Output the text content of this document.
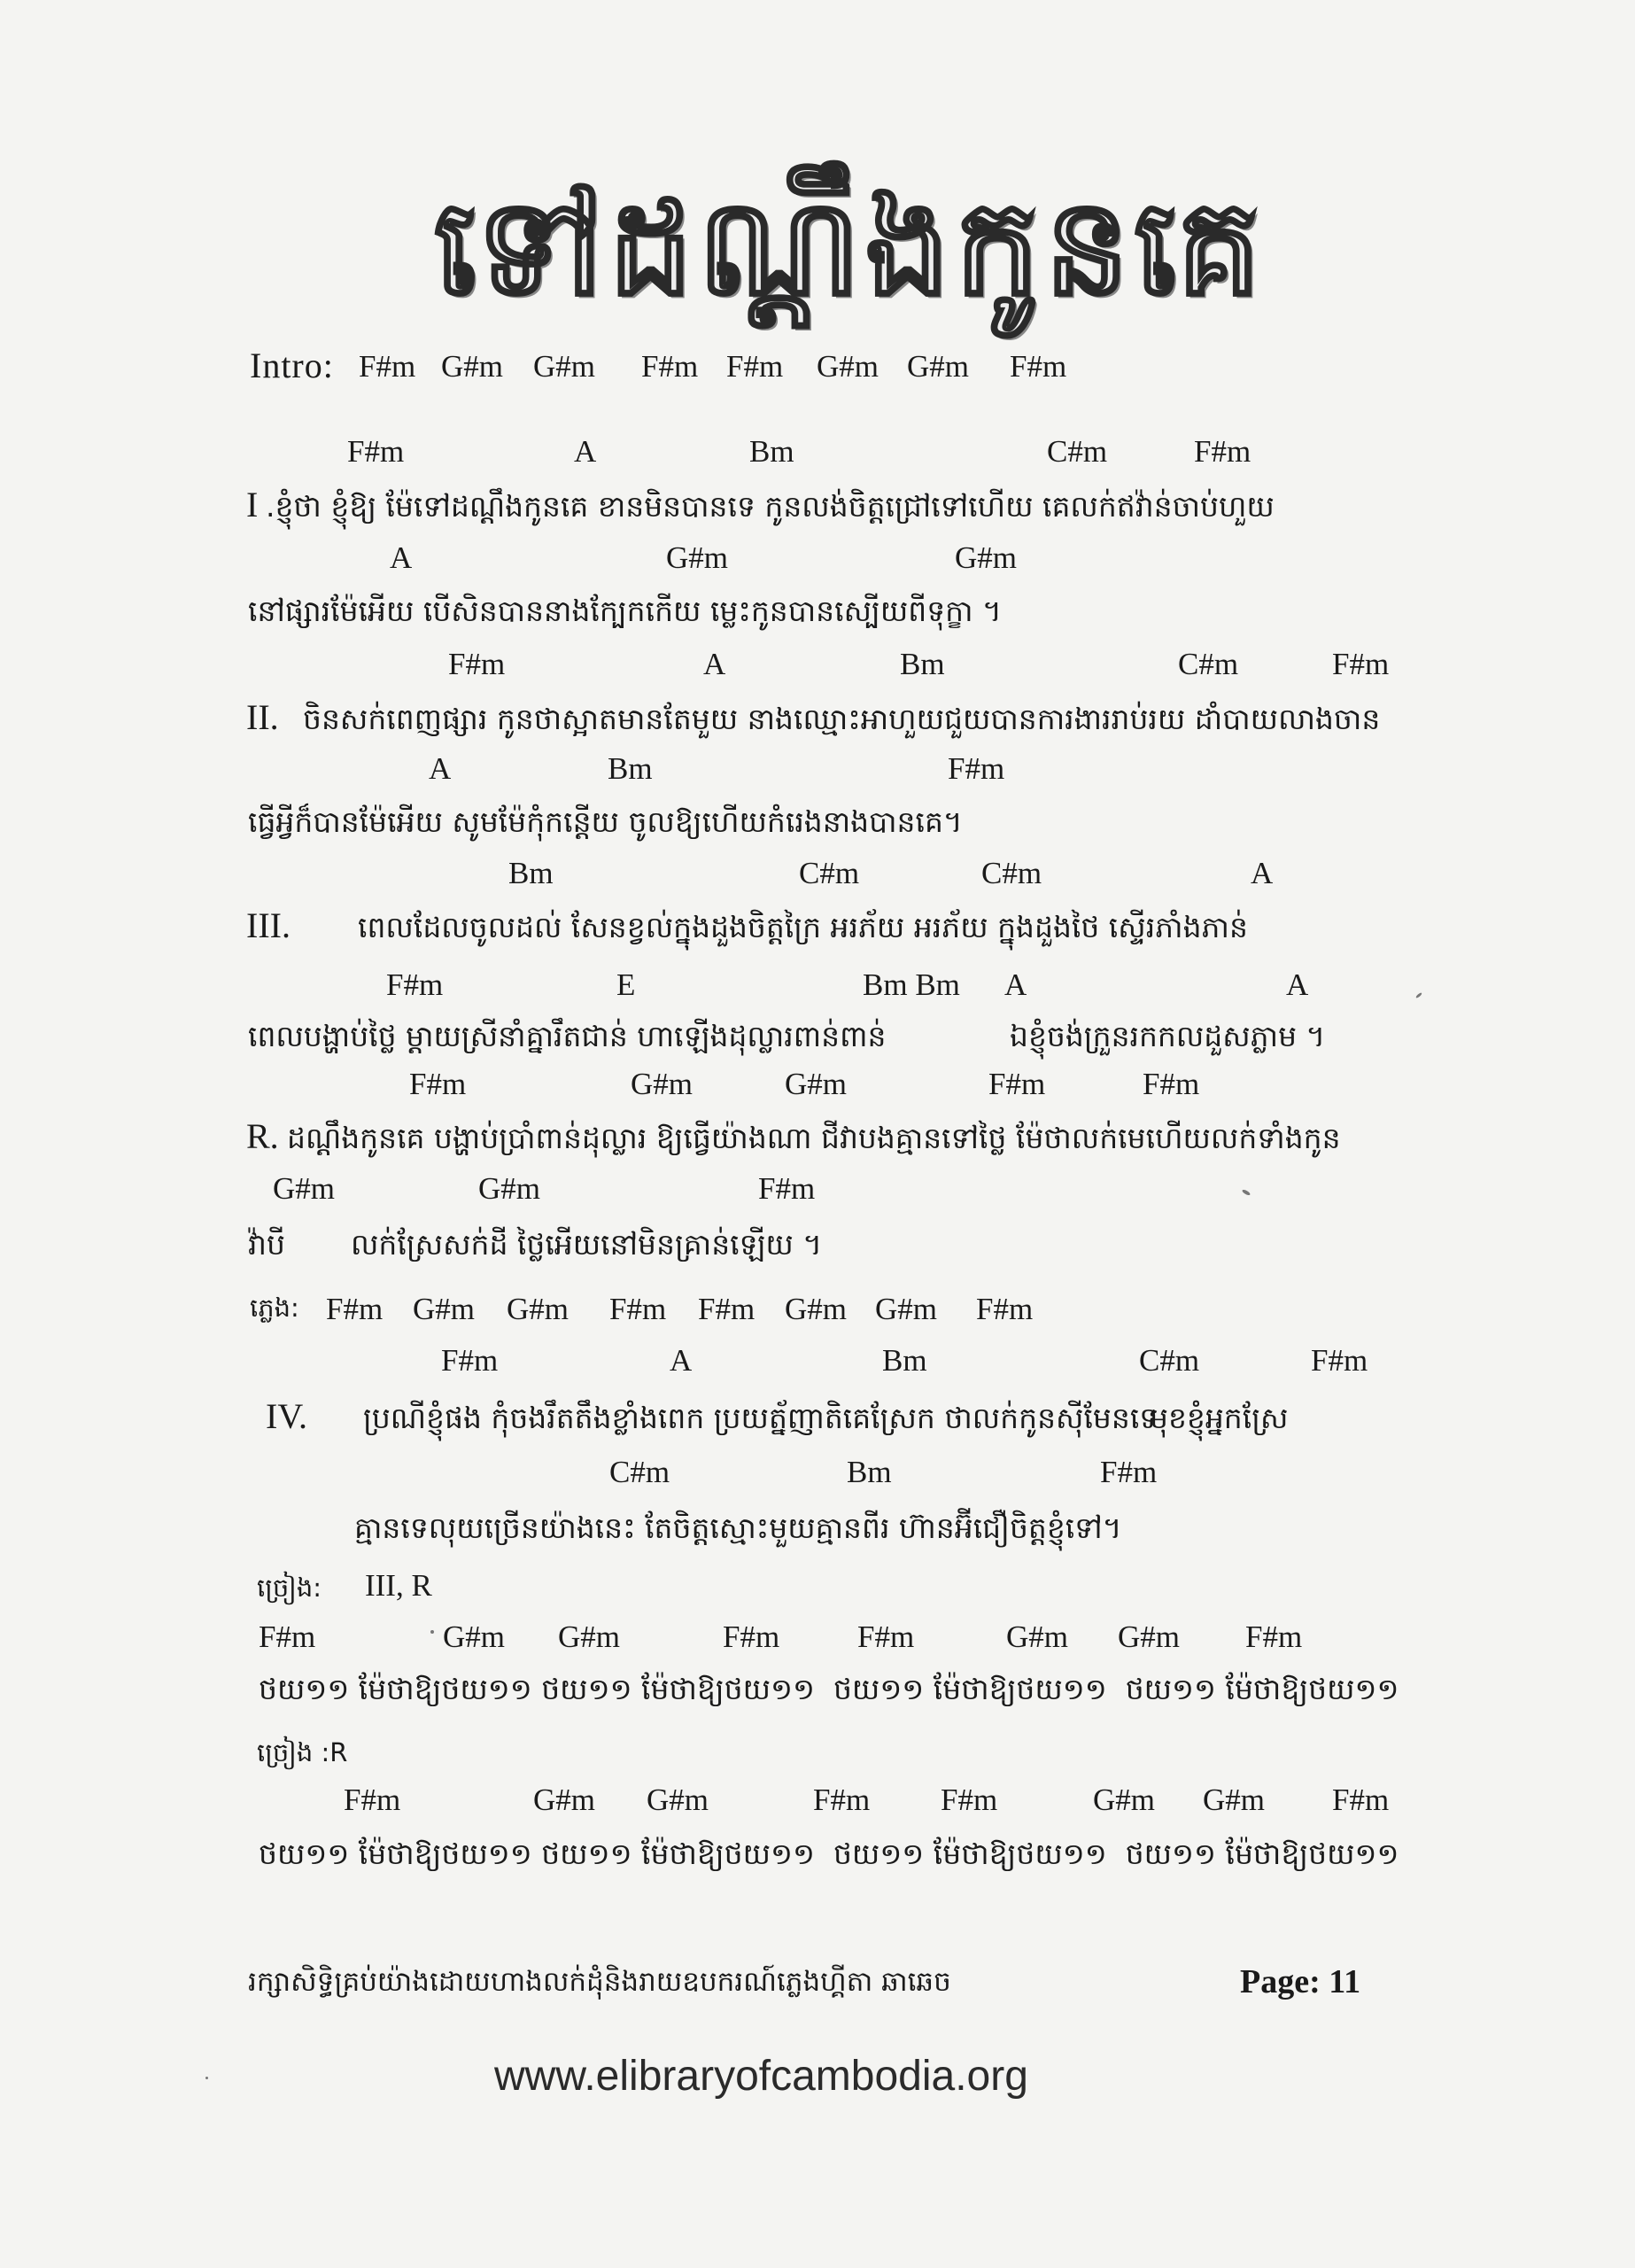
ទៅដណ្ដឹងកូនគេ
Intro: F#m G#m G#m F#m F#m G#m G#m F#m
F#m	A	Bm	C#m	F#m
I .ខ្ញុំថា ខ្ញុំឱ្យ ម៉ែទៅដណ្ដឹងកូនគេ ខានមិនបានទេ កូនលង់ចិត្តជ្រៅទៅហើយ គេលក់ឥវ៉ាន់ចាប់ហួយ
A	G#m	G#m
នៅផ្សារម៉ែអើយ បើសិនបាននាងក្បែកកើយ ម្លេះកូនបានស្បើយពីទុក្ខា ។
F#m	A	Bm	C#m	F#m
II. ចិនសក់ពេញផ្សារ កូនថាស្អាតមានតែមួយ នាងឈ្មោះអាហួយជួយបានការងាររាប់រយ ដាំបាយលាងចាន
A	Bm	F#m
ធ្វើអ្វីក៏បានម៉ែអើយ សូមម៉ែកុំកន្តើយ ចូលឱ្យហើយកំរេងនាងបានគេ។
Bm	C#m	C#m	A
III. ពេលដែលចូលដល់ សែនខ្វល់ក្នុងដួងចិត្តក្រៃ អរភ័យ អរភ័យ ក្នុងដួងថៃ ស្ទើរភាំងភាន់
F#m	E	Bm Bm A	A
ពេលបង្ហាប់ថ្លៃ ម្ដាយស្រីនាំគ្នារឹតជាន់ ហាឡើងដុល្លារពាន់ពាន់	ឯខ្ញុំចង់ក្រួនរកកលដួសភ្លាម ។
F#m	G#m	G#m	F#m	F#m
R. ដណ្ដឹងកូនគេ បង្ហាប់ប្រាំពាន់ដុល្លារ ឱ្យធ្វើយ៉ាងណា ជីវាបងគ្មានទៅថ្លៃ ម៉ែថាលក់មេហើយលក់ទាំងកូន
G#m	G#m	F#m
វ៉ាបី លក់ស្រែសក់ដី ថ្លៃអើយនៅមិនគ្រាន់ឡើយ ។
ភ្លេង: F#m G#m G#m F#m F#m G#m G#m F#m
F#m	A	Bm	C#m	F#m
IV. ប្រណីខ្ញុំផង កុំចងរឹតតឹងខ្លាំងពេក ប្រយត្ន័ញាតិគេស្រែក ថាលក់កូនស៊ីមែនទេ
មុខខ្ញុំអ្នកស្រែ
C#m	Bm	F#m
គ្មានទេលុយច្រើនយ៉ាងនេះ តែចិត្តស្មោះមួយគ្មានពីរ ហ៊ានអ៊ីជឿចិត្តខ្ញុំទៅ។
ច្រៀង: III, R
F#m	G#m G#m	F#m	F#m	G#m G#m F#m
ថយ១១ ម៉ែថាឱ្យថយ១១ ថយ១១ ម៉ែថាឱ្យថយ១១  ថយ១១ ម៉ែថាឱ្យថយ១១  ថយ១១ ម៉ែថាឱ្យថយ១១
ច្រៀង :R
F#m	G#m G#m	F#m F#m	G#m G#m F#m
ថយ១១ ម៉ែថាឱ្យថយ១១ ថយ១១ ម៉ែថាឱ្យថយ១១  ថយ១១ ម៉ែថាឱ្យថយ១១  ថយ១១ ម៉ែថាឱ្យថយ១១
រក្សាសិទ្ធិគ្រប់យ៉ាងដោយហាងលក់ដុំនិងរាយឧបករណ៍ភ្លេងហ្គីតា ឆាឆេច	Page: 11
www.elibraryofcambodia.org
